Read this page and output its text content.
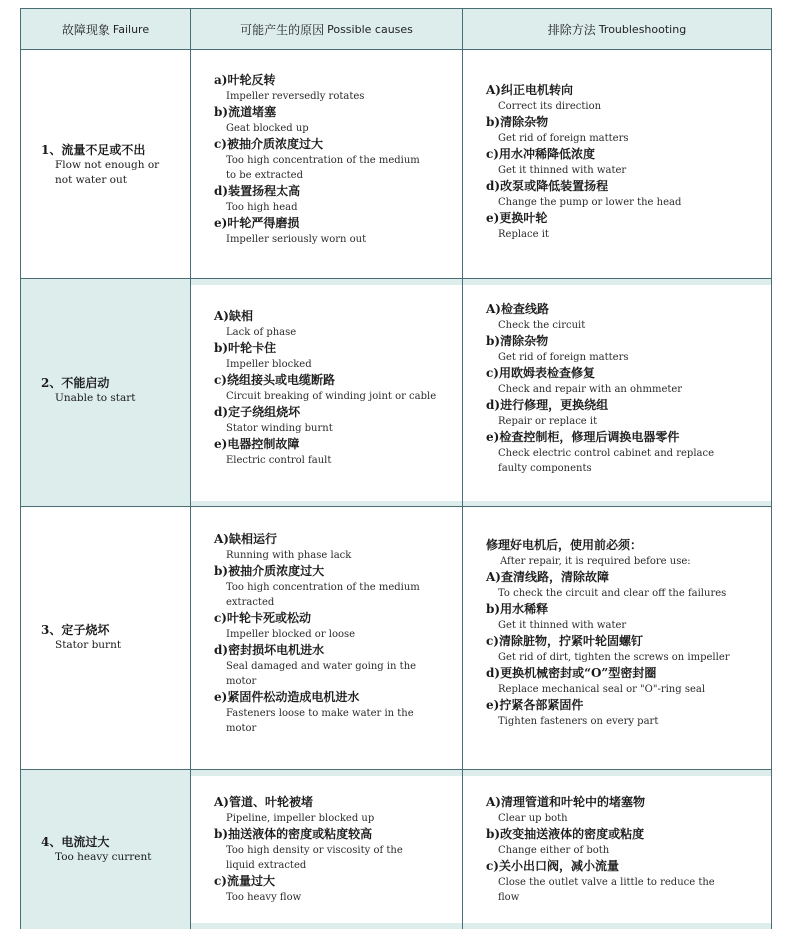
故障现象 Failure	可能产生的原因 Possible causes	排除方法 Troubleshooting
1、流量不足或不出
Flow not enough or
not water out
a)叶轮反转
Impeller reversedly rotates
b)流道堵塞
Geat blocked up
c)被抽介质浓度过大
Too high concentration of the medium
to be extracted
d)装置扬程太高
Too high head
e)叶轮严得磨损
Impeller seriously worn out
A)纠正电机转向
Correct its direction
b)清除杂物
Get rid of foreign matters
c)用水冲稀降低浓度
Get it thinned with water
d)改泵或降低装置扬程
Change the pump or lower the head
e)更换叶轮
Replace it
2、不能启动
Unable to start
A)缺相
Lack of phase
b)叶轮卡住
Impeller blocked
c)绕组接头或电缆断路
Circuit breaking of winding joint or cable
d)定子绕组烧坏
Stator winding burnt
e)电器控制故障
Electric control fault
A)检查线路
Check the circuit
b)清除杂物
Get rid of foreign matters
c)用欧姆表检查修复
Check and repair with an ohmmeter
d)进行修理，更换绕组
Repair or replace it
e)检查控制柜，修理后调换电器零件
Check electric control cabinet and replace
faulty components
3、定子烧坏
Stator burnt
A)缺相运行
Running with phase lack
b)被抽介质浓度过大
Too high concentration of the medium
extracted
c)叶轮卡死或松动
Impeller blocked or loose
d)密封损坏电机进水
Seal damaged and water going in the
motor
e)紧固件松动造成电机进水
Fasteners loose to make water in the
motor
修理好电机后，使用前必须：
After repair, it is required before use:
A)查清线路，清除故障
To check the circuit and clear off the failures
b)用水稀释
Get it thinned with water
c)清除脏物，拧紧叶轮固螺钉
Get rid of dirt, tighten the screws on impeller
d)更换机械密封或“O”型密封圈
Replace mechanical seal or "O"-ring seal
e)拧紧各部紧固件
Tighten fasteners on every part
4、电流过大
Too heavy current
A)管道、叶轮被堵
Pipeline, impeller blocked up
b)抽送液体的密度或粘度较高
Too high density or viscosity of the
liquid extracted
c)流量过大
Too heavy flow
A)清理管道和叶轮中的堵塞物
Clear up both
b)改变抽送液体的密度或粘度
Change either of both
c)关小出口阀，减小流量
Close the outlet valve a little to reduce the
flow
